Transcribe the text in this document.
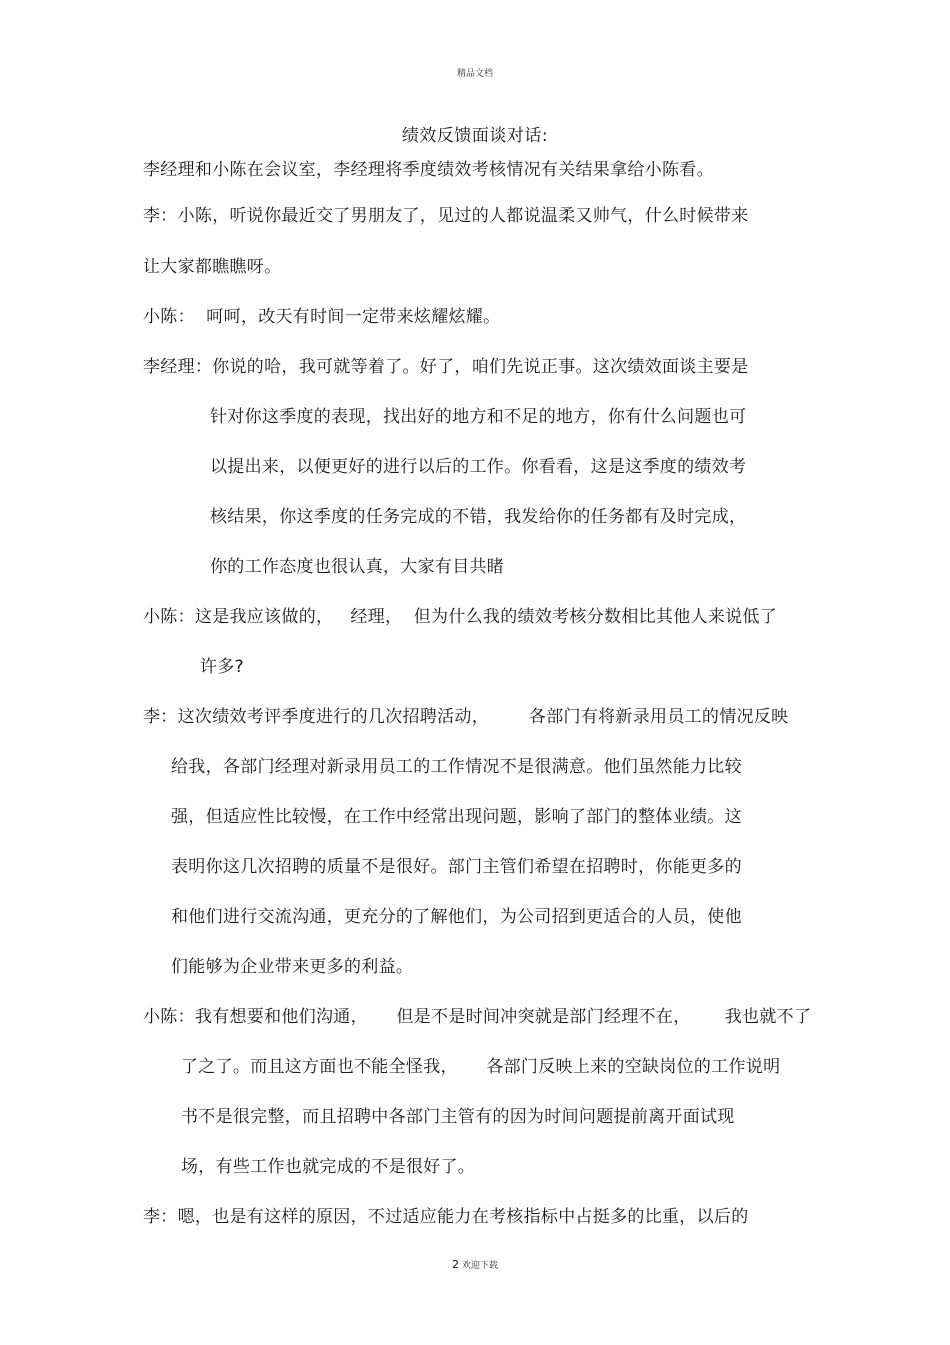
精品文档
绩效反馈面谈对话:
李经理和小陈在会议室，李经理将季度绩效考核情况有关结果拿给小陈看。
李：小陈，听说你最近交了男朋友了，见过的人都说温柔又帅气，什么时候带来
让大家都瞧瞧呀。
小陈：  呵呵，改天有时间一定带来炫耀炫耀。
李经理：你说的哈，我可就等着了。好了，咱们先说正事。这次绩效面谈主要是
针对你这季度的表现，找出好的地方和不足的地方，你有什么问题也可
以提出来，以便更好的进行以后的工作。你看看，这是这季度的绩效考
核结果，你这季度的任务完成的不错，我发给你的任务都有及时完成，
你的工作态度也很认真，大家有目共睹
小陈：这是我应该做的，   经理，  但为什么我的绩效考核分数相比其他人来说低了
许多?
李：这次绩效考评季度进行的几次招聘活动，       各部门有将新录用员工的情况反映
给我，各部门经理对新录用员工的工作情况不是很满意。他们虽然能力比较
强，但适应性比较慢，在工作中经常出现问题，影响了部门的整体业绩。这
表明你这几次招聘的质量不是很好。部门主管们希望在招聘时，你能更多的
和他们进行交流沟通，更充分的了解他们，为公司招到更适合的人员，使他
们能够为企业带来更多的利益。
小陈：我有想要和他们沟通，     但是不是时间冲突就是部门经理不在，      我也就不了
了之了。而且这方面也不能全怪我，     各部门反映上来的空缺岗位的工作说明
书不是很完整，而且招聘中各部门主管有的因为时间问题提前离开面试现
场，有些工作也就完成的不是很好了。
李：嗯，也是有这样的原因，不过适应能力在考核指标中占挺多的比重，以后的
2 欢迎下载
